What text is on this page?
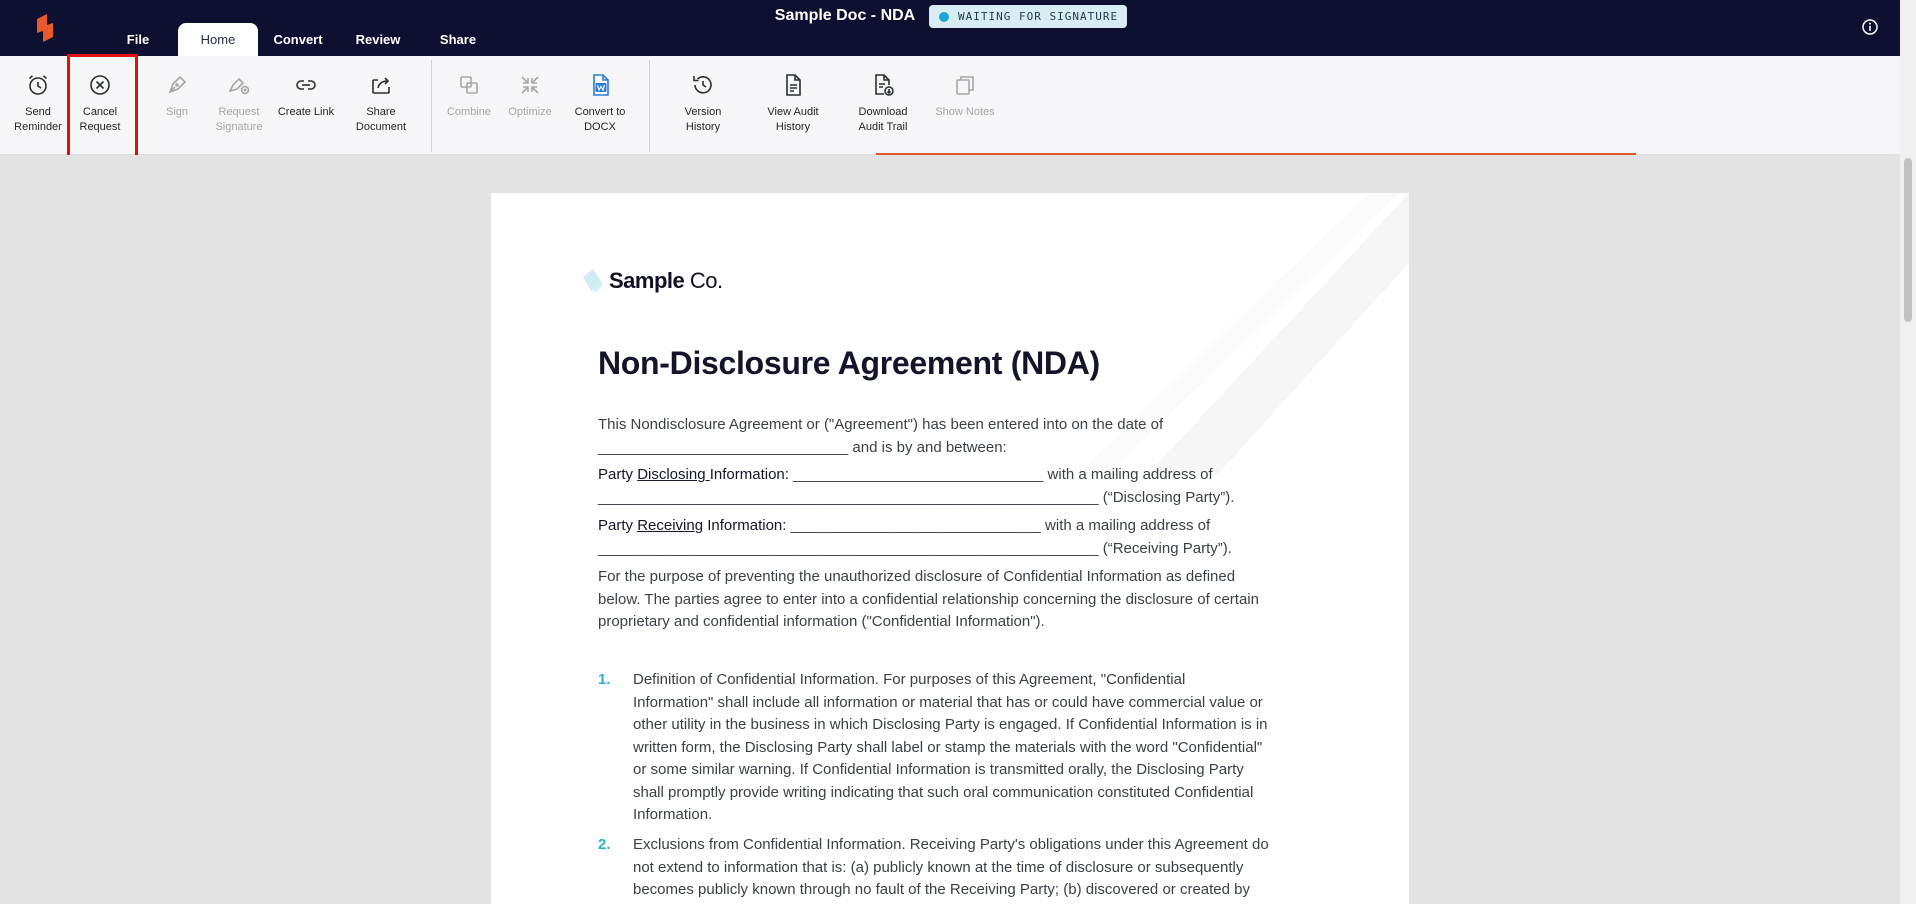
File	Home	Convert	Review	Share
Sample Doc - NDA	WAITING FOR SIGNATURE
Send
Reminder
Cancel
Request
Sign	Request
Signature
Create Link	Share
Document
Combine	Optimize	Convert to
DOCX
Version
History
View Audit
History
Download
Audit Trail
Show Notes
Sample Co.
Non-Disclosure Agreement (NDA)
This Nondisclosure Agreement or ("Agreement") has been entered into on the date of
______________________________ and is by and between:
Party Disclosing Information: ______________________________ with a mailing address of
____________________________________________________________ (“Disclosing Party”).
Party Receiving Information: ______________________________ with a mailing address of
____________________________________________________________ (“Receiving Party”).
For the purpose of preventing the unauthorized disclosure of Confidential Information as defined
below. The parties agree to enter into a confidential relationship concerning the disclosure of certain
proprietary and confidential information ("Confidential Information").
1. Definition of Confidential Information. For purposes of this Agreement, "Confidential
Information" shall include all information or material that has or could have commercial value or
other utility in the business in which Disclosing Party is engaged. If Confidential Information is in
written form, the Disclosing Party shall label or stamp the materials with the word "Confidential"
or some similar warning. If Confidential Information is transmitted orally, the Disclosing Party
shall promptly provide writing indicating that such oral communication constituted Confidential
Information.
2. Exclusions from Confidential Information. Receiving Party's obligations under this Agreement do
not extend to information that is: (a) publicly known at the time of disclosure or subsequently
becomes publicly known through no fault of the Receiving Party; (b) discovered or created by
